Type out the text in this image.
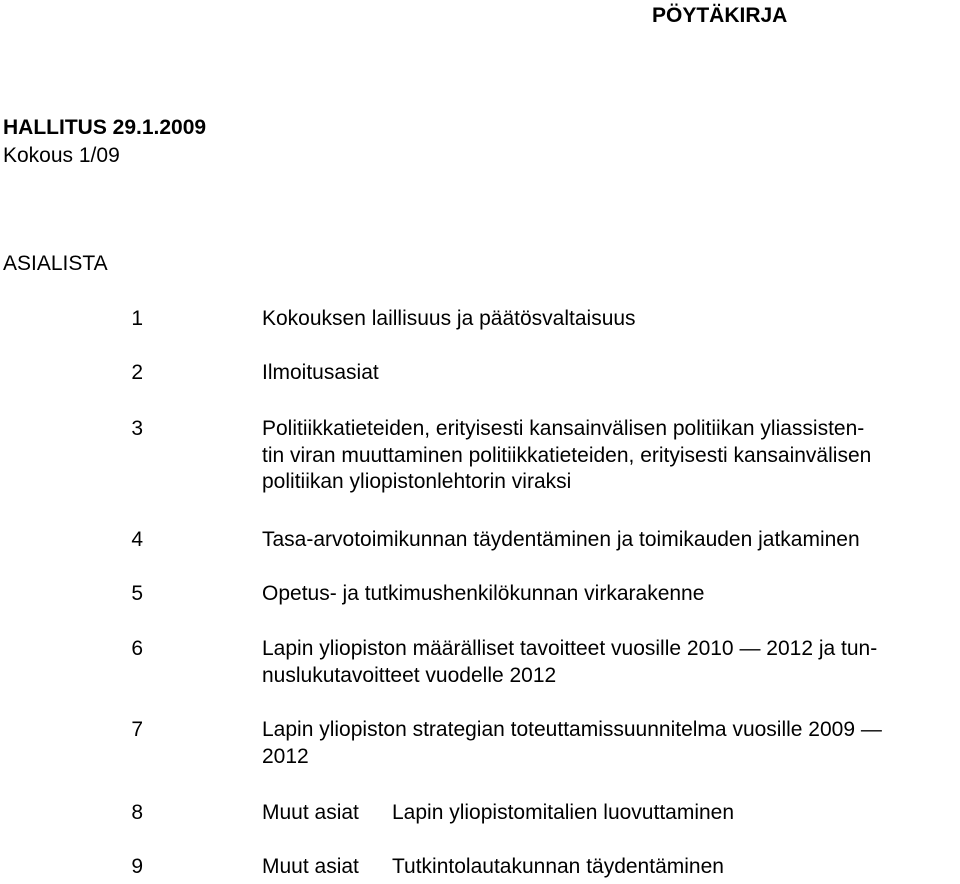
PÖYTÄKIRJA
HALLITUS 29.1.2009
Kokous 1/09
ASIALISTA
1	Kokouksen laillisuus ja päätösvaltaisuus
2	Ilmoitusasiat
3	Politiikkatieteiden, erityisesti kansainvälisen politiikan yliassisten-
tin viran muuttaminen politiikkatieteiden, erityisesti kansainvälisen
politiikan yliopistonlehtorin viraksi
4	Tasa-arvotoimikunnan täydentäminen ja toimikauden jatkaminen
5	Opetus- ja tutkimushenkilökunnan virkarakenne
6	Lapin yliopiston määrälliset tavoitteet vuosille 2010 — 2012 ja tun-
nuslukutavoitteet vuodelle 2012
7	Lapin yliopiston strategian toteuttamissuunnitelma vuosille 2009 —
2012
8	Muut asiat Lapin yliopistomitalien luovuttaminen
9	Muut asiat Tutkintolautakunnan täydentäminen
